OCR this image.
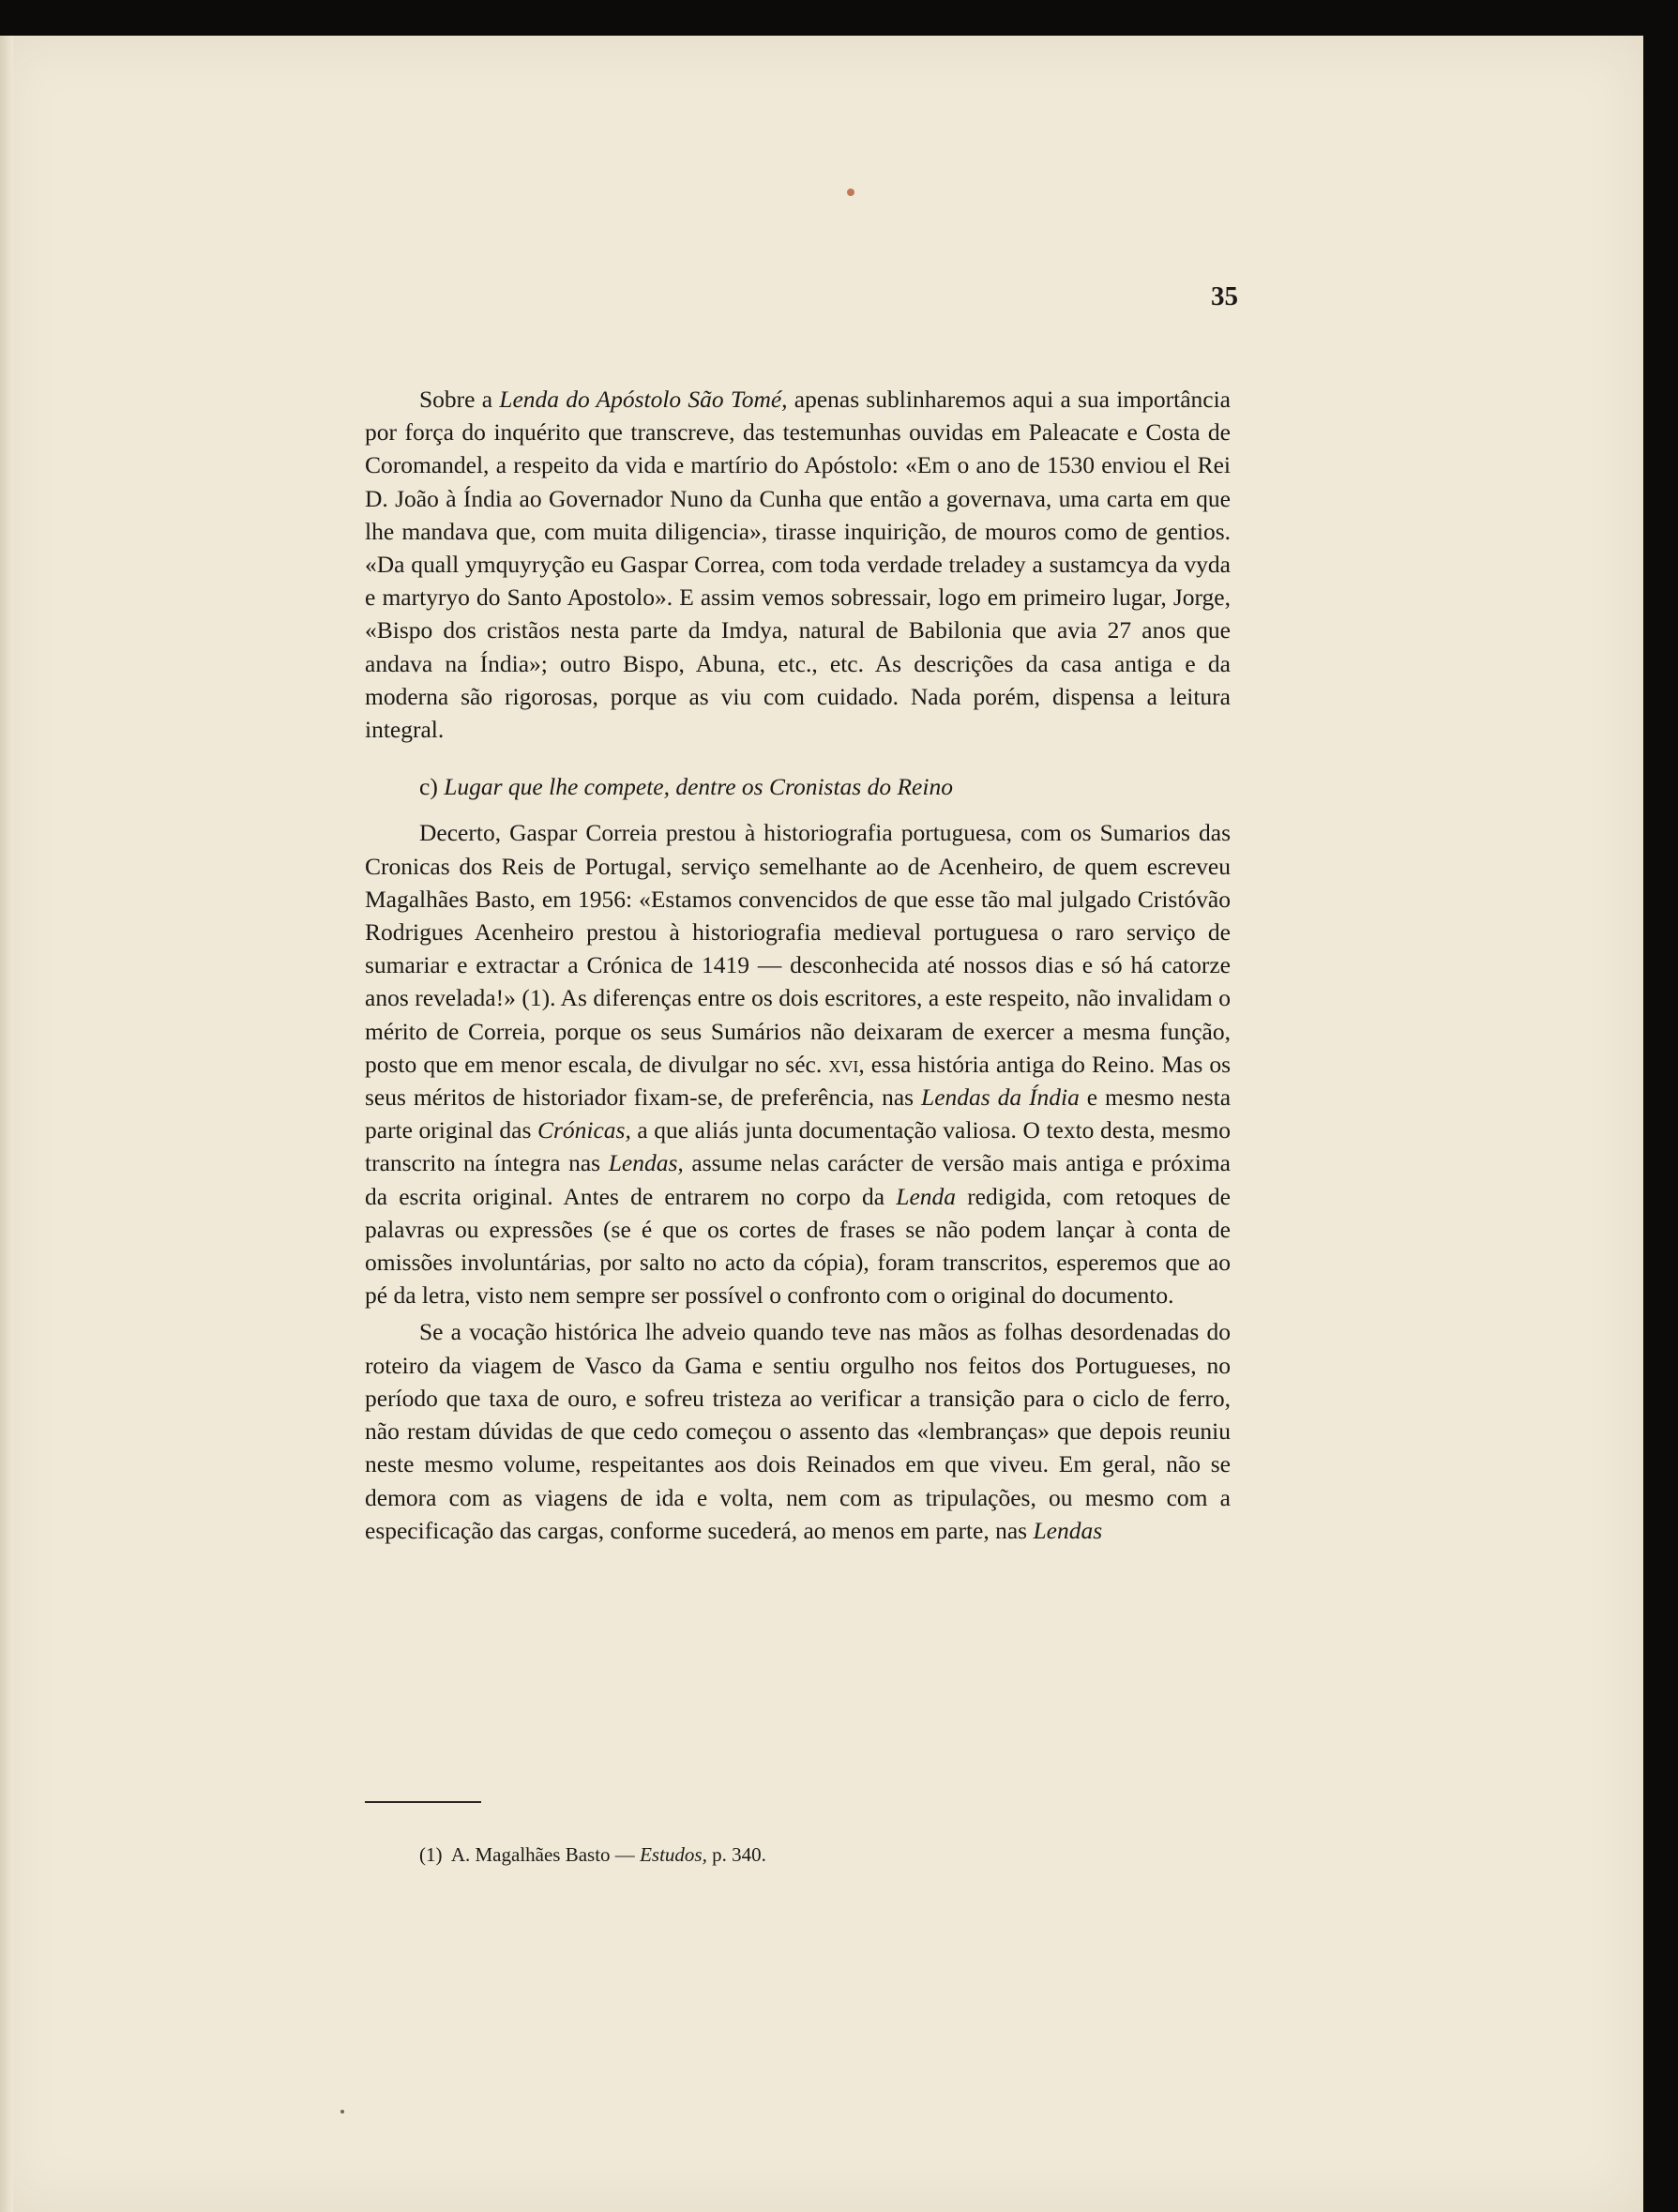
35

Sobre a Lenda do Apóstolo São Tomé, apenas sublinharemos aqui a sua importância por força do inquérito que transcreve, das testemunhas ouvidas em Paleacate e Costa de Coromandel, a respeito da vida e martírio do Apóstolo: «Em o ano de 1530 enviou el Rei D. João à Índia ao Governador Nuno da Cunha que então a governava, uma carta em que lhe mandava que, com muita diligencia», tirasse inquirição, de mouros como de gentios. «Da quall ymquyryção eu Gaspar Correa, com toda verdade treladey a sustamcya da vyda e martyryo do Santo Apostolo». E assim vemos sobressair, logo em primeiro lugar, Jorge, «Bispo dos cristãos nesta parte da Imdya, natural de Babilonia que avia 27 anos que andava na Índia»; outro Bispo, Abuna, etc., etc. As descrições da casa antiga e da moderna são rigorosas, porque as viu com cuidado. Nada porém, dispensa a leitura integral.

c) Lugar que lhe compete, dentre os Cronistas do Reino

Decerto, Gaspar Correia prestou à historiografia portuguesa, com os Sumarios das Cronicas dos Reis de Portugal, serviço semelhante ao de Acenheiro, de quem escreveu Magalhães Basto, em 1956: «Estamos convencidos de que esse tão mal julgado Cristóvão Rodrigues Acenheiro prestou à historiografia medieval portuguesa o raro serviço de sumariar e extractar a Crónica de 1419 — desconhecida até nossos dias e só há catorze anos revelada!» (1). As diferenças entre os dois escritores, a este respeito, não invalidam o mérito de Correia, porque os seus Sumários não deixaram de exercer a mesma função, posto que em menor escala, de divulgar no séc. xvi, essa história antiga do Reino. Mas os seus méritos de historiador fixam-se, de preferência, nas Lendas da Índia e mesmo nesta parte original das Crónicas, a que aliás junta documentação valiosa. O texto desta, mesmo transcrito na íntegra nas Lendas, assume nelas carácter de versão mais antiga e próxima da escrita original. Antes de entrarem no corpo da Lenda redigida, com retoques de palavras ou expressões (se é que os cortes de frases se não podem lançar à conta de omissões involuntárias, por salto no acto da cópia), foram transcritos, esperemos que ao pé da letra, visto nem sempre ser possível o confronto com o original do documento.

Se a vocação histórica lhe adveio quando teve nas mãos as folhas desordenadas do roteiro da viagem de Vasco da Gama e sentiu orgulho nos feitos dos Portugueses, no período que taxa de ouro, e sofreu tristeza ao verificar a transição para o ciclo de ferro, não restam dúvidas de que cedo começou o assento das «lembranças» que depois reuniu neste mesmo volume, respeitantes aos dois Reinados em que viveu. Em geral, não se demora com as viagens de ida e volta, nem com as tripulações, ou mesmo com a especificação das cargas, conforme sucederá, ao menos em parte, nas Lendas

(1) A. Magalhães Basto — Estudos, p. 340.
